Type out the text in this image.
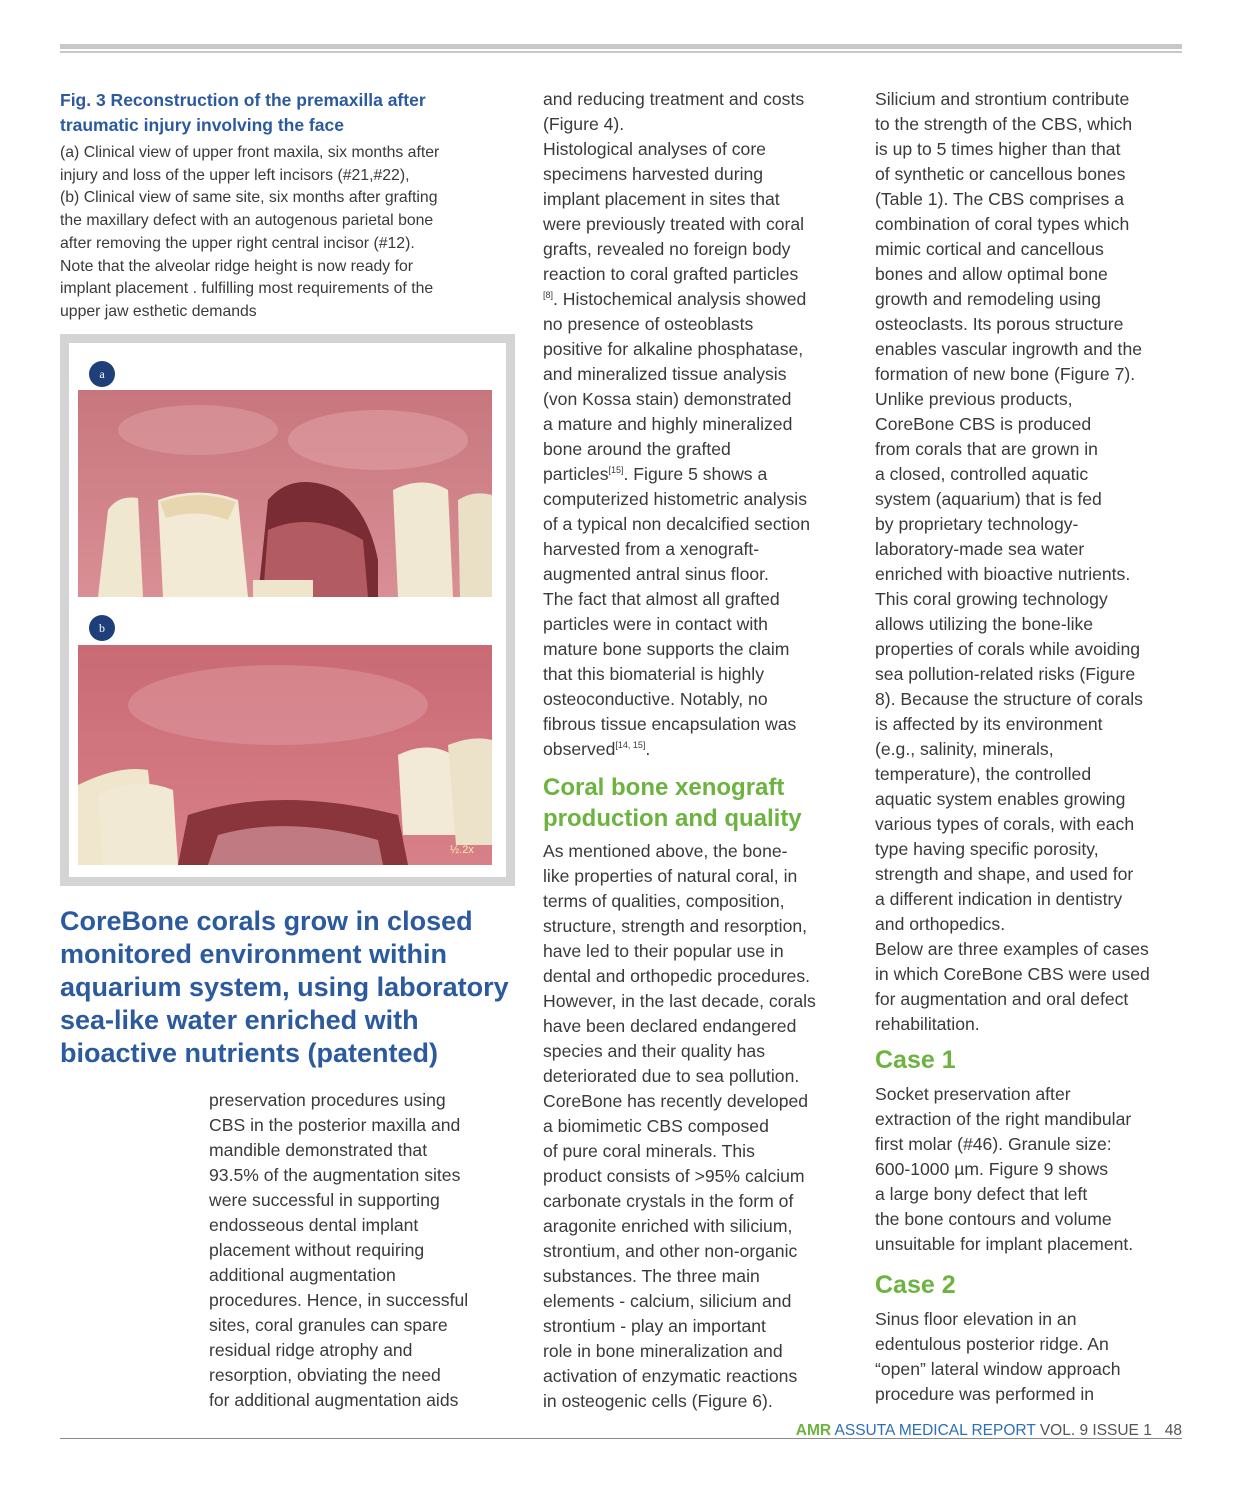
Fig. 3 Reconstruction of the premaxilla after
traumatic injury involving the face
(a) Clinical view of upper front maxila, six months after
injury and loss of the upper left incisors (#21,#22),
(b) Clinical view of same site, six months after grafting
the maxillary defect with an autogenous parietal bone
after removing the upper right central incisor (#12).
Note that the alveolar ridge height is now ready for
implant placement . fulfilling most requirements of the
upper jaw esthetic demands
a
b
½.2x
CoreBone corals grow in closed
monitored environment within
aquarium system, using laboratory
sea-like water enriched with
bioactive nutrients (patented)

preservation procedures using
CBS in the posterior maxilla and
mandible demonstrated that
93.5% of the augmentation sites
were successful in supporting
endosseous dental implant
placement without requiring
additional augmentation
procedures. Hence, in successful
sites, coral granules can spare
residual ridge atrophy and
resorption, obviating the need
for additional augmentation aids

and reducing treatment and costs
(Figure 4).
Histological analyses of core
specimens harvested during
implant placement in sites that
were previously treated with coral
grafts, revealed no foreign body
reaction to coral grafted particles
[8]. Histochemical analysis showed
no presence of osteoblasts
positive for alkaline phosphatase,
and mineralized tissue analysis
(von Kossa stain) demonstrated
a mature and highly mineralized
bone around the grafted
particles[15]. Figure 5 shows a
computerized histometric analysis
of a typical non decalcified section
harvested from a xenograft-
augmented antral sinus floor.
The fact that almost all grafted
particles were in contact with
mature bone supports the claim
that this biomaterial is highly
osteoconductive. Notably, no
fibrous tissue encapsulation was
observed[14, 15].

Coral bone xenograft
production and quality

As mentioned above, the bone-
like properties of natural coral, in
terms of qualities, composition,
structure, strength and resorption,
have led to their popular use in
dental and orthopedic procedures.
However, in the last decade, corals
have been declared endangered
species and their quality has
deteriorated due to sea pollution.
CoreBone has recently developed
a biomimetic CBS composed
of pure coral minerals. This
product consists of >95% calcium
carbonate crystals in the form of
aragonite enriched with silicium,
strontium, and other non-organic
substances. The three main
elements - calcium, silicium and
strontium - play an important
role in bone mineralization and
activation of enzymatic reactions
in osteogenic cells (Figure 6).

Silicium and strontium contribute
to the strength of the CBS, which
is up to 5 times higher than that
of synthetic or cancellous bones
(Table 1). The CBS comprises a
combination of coral types which
mimic cortical and cancellous
bones and allow optimal bone
growth and remodeling using
osteoclasts. Its porous structure
enables vascular ingrowth and the
formation of new bone (Figure 7).
Unlike previous products,
CoreBone CBS is produced
from corals that are grown in
a closed, controlled aquatic
system (aquarium) that is fed
by proprietary technology-
laboratory-made sea water
enriched with bioactive nutrients.
This coral growing technology
allows utilizing the bone-like
properties of corals while avoiding
sea pollution-related risks (Figure
8). Because the structure of corals
is affected by its environment
(e.g., salinity, minerals,
temperature), the controlled
aquatic system enables growing
various types of corals, with each
type having specific porosity,
strength and shape, and used for
a different indication in dentistry
and orthopedics.
Below are three examples of cases
in which CoreBone CBS were used
for augmentation and oral defect
rehabilitation.

Case 1

Socket preservation after
extraction of the right mandibular
first molar (#46). Granule size:
600-1000 µm. Figure 9 shows
a large bony defect that left
the bone contours and volume
unsuitable for implant placement.

Case 2

Sinus floor elevation in an
edentulous posterior ridge. An
“open” lateral window approach
procedure was performed in

AMR ASSUTA MEDICAL REPORT VOL. 9 ISSUE 1 48
